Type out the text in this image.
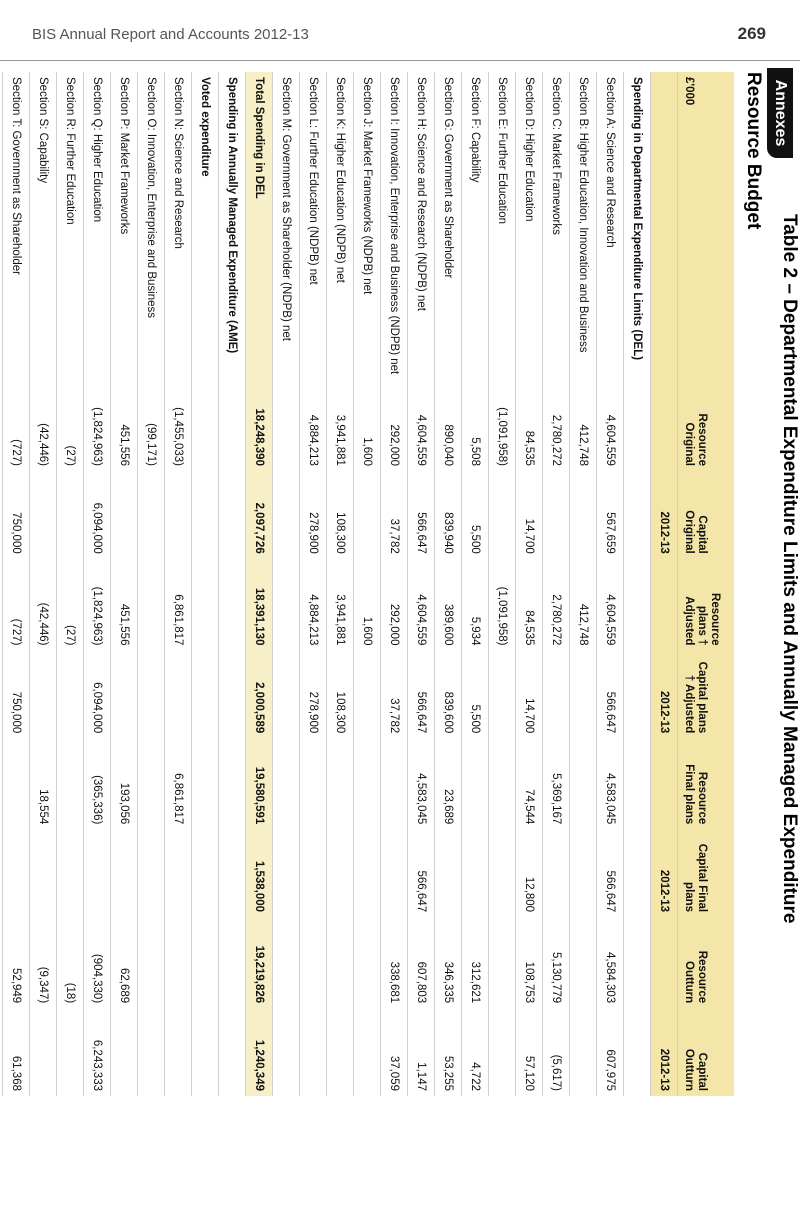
BIS Annual Report and Accounts 2012-13	269
Annexes
Table 2 – Departmental Expenditure Limits and Annually Managed Expenditure
Resource Budget
£'000	Resource Original	Capital Original	Resource plans † Adjusted	Capital plans † Adjusted	Resource Final plans	Capital Final plans	Resource Outturn	Capital Outturn
	2012-13		2012-13		2012-13		2012-13	
Spending in Departmental Expenditure Limits (DEL)								
Section A: Science and Research	4,604,559	567,659	4,604,559	566,647	4,583,045	566,647	4,584,303	607,975
Section B: Higher Education, Innovation and Business	412,748		412,748					
Section C: Market Frameworks	2,780,272		2,780,272		5,369,167		5,130,779	(5,617)
Section D: Higher Education	84,535	14,700	84,535	14,700	74,544	12,800	108,753	57,120
Section E: Further Education	(1,091,958)		(1,091,958)					
Section F: Capability	5,508	5,500	5,934	5,500			312,621	4,722
Section G: Government as Shareholder	890,040	839,940	389,600	839,600	23,689		346,335	53,255
Section H: Science and Research (NDPB) net	4,604,559	566,647	4,604,559	566,647	4,583,045	566,647	607,803	1,147
Section I: Innovation, Enterprise and Business (NDPB) net	292,000	37,782	292,000	37,782			338,681	37,059
Section J: Market Frameworks (NDPB) net	1,600		1,600					
Section K: Higher Education (NDPB) net	3,941,881	108,300	3,941,881	108,300				
Section L: Further Education (NDPB) net	4,884,213	278,900	4,884,213	278,900				
Section M: Government as Shareholder (NDPB) net								
Total Spending in DEL	18,248,390	2,097,726	18,391,130	2,000,589	19,580,591	1,538,000	19,219,826	1,240,349
Spending in Annually Managed Expenditure (AME)								
Voted expenditure								
Section N: Science and Research	(1,455,033)		6,861,817		6,861,817			
Section O: Innovation, Enterprise and Business	(99,171)							
Section P: Market Frameworks	451,556		451,556		193,056		62,689	
Section Q: Higher Education	(1,824,963)	6,094,000	(1,824,963)	6,094,000	(365,336)		(904,330)	6,243,333
Section R: Further Education	(27)		(27)				(18)	
Section S: Capability	(42,446)		(42,446)		18,554		(9,347)	
Section T: Government as Shareholder	(727)	750,000	(727)	750,000			52,949	61,368
